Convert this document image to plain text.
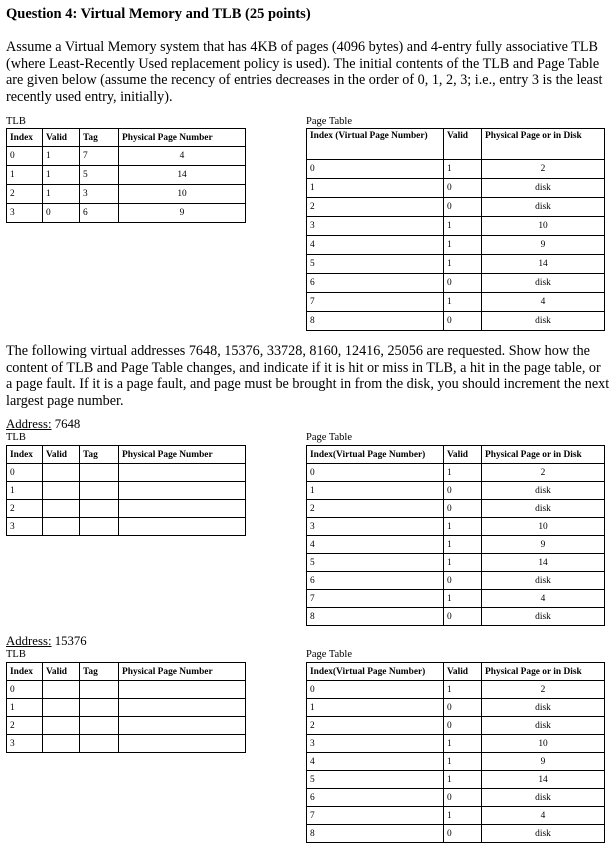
Question 4: Virtual Memory and TLB (25 points)
Assume a Virtual Memory system that has 4KB of pages (4096 bytes) and 4-entry fully associative TLB (where Least-Recently Used replacement policy is used). The initial contents of the TLB and Page Table are given below (assume the recency of entries decreases in the order of 0, 1, 2, 3; i.e., entry 3 is the least recently used entry, initially).
TLB
Index	Valid	Tag	Physical Page Number
0	1	7	4
1	1	5	14
2	1	3	10
3	0	6	9
Page Table
Index (Virtual Page Number)	Valid	Physical Page or in Disk
0	1	2
1	0	disk
2	0	disk
3	1	10
4	1	9
5	1	14
6	0	disk
7	1	4
8	0	disk
The following virtual addresses 7648, 15376, 33728, 8160, 12416, 25056 are requested. Show how the content of TLB and Page Table changes, and indicate if it is hit or miss in TLB, a hit in the page table, or a page fault. If it is a page fault, and page must be brought in from the disk, you should increment the next largest page number.
Address: 7648
TLB
Index	Valid	Tag	Physical Page Number
0			
1			
2			
3			
Page Table
Index(Virtual Page Number)	Valid	Physical Page or in Disk
0	1	2
1	0	disk
2	0	disk
3	1	10
4	1	9
5	1	14
6	0	disk
7	1	4
8	0	disk
Address: 15376
TLB
Index	Valid	Tag	Physical Page Number
0			
1			
2			
3			
Page Table
Index(Virtual Page Number)	Valid	Physical Page or in Disk
0	1	2
1	0	disk
2	0	disk
3	1	10
4	1	9
5	1	14
6	0	disk
7	1	4
8	0	disk
